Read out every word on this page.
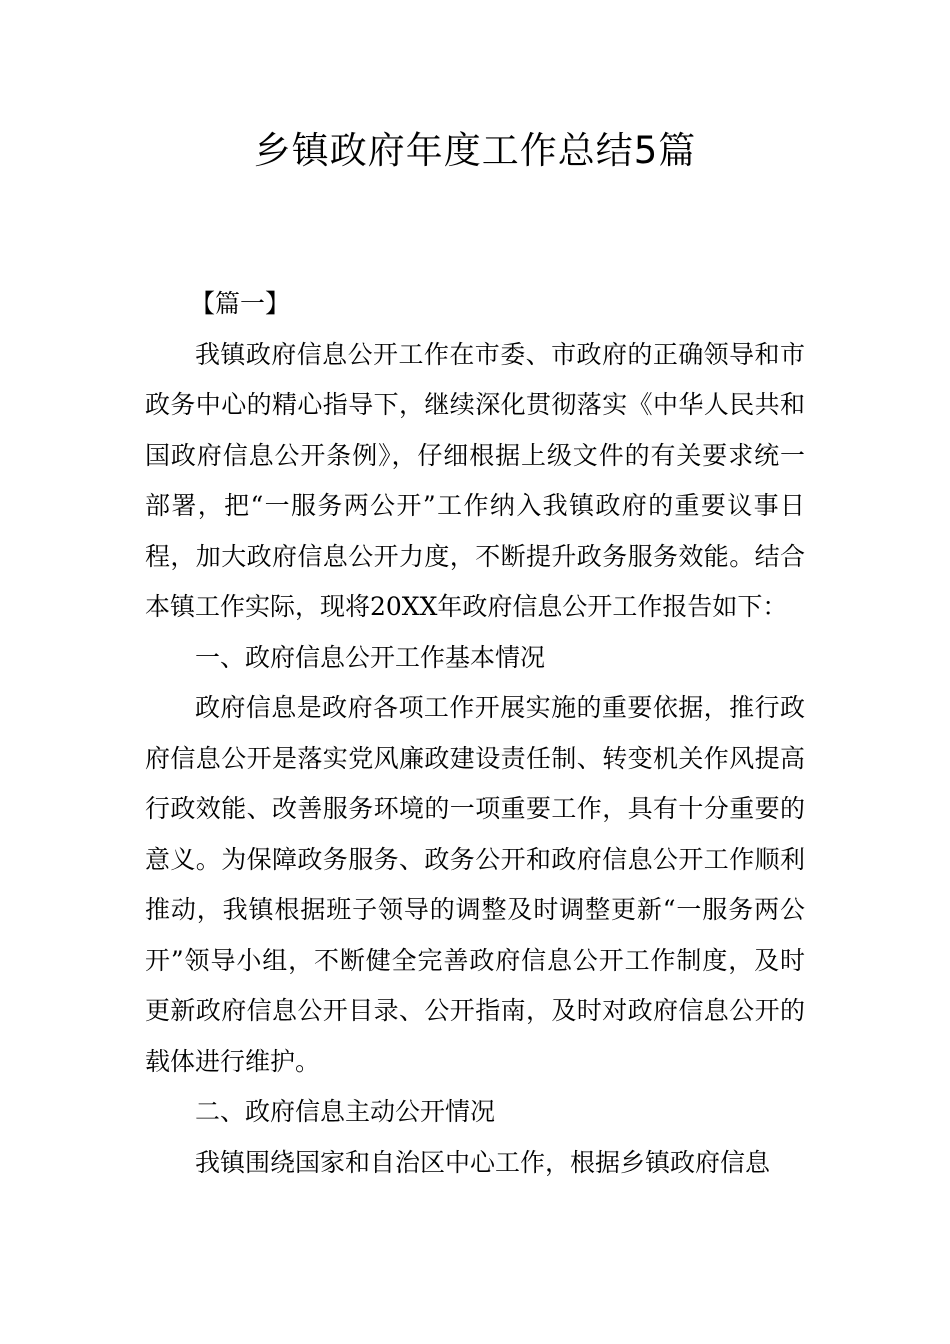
乡镇政府年度工作总结5篇

【篇一】

我镇政府信息公开工作在市委、市政府的正确领导和市政务中心的精心指导下，继续深化贯彻落实《中华人民共和国政府信息公开条例》，仔细根据上级文件的有关要求统一部署，把“一服务两公开”工作纳入我镇政府的重要议事日程，加大政府信息公开力度，不断提升政务服务效能。结合本镇工作实际，现将20XX年政府信息公开工作报告如下：

一、政府信息公开工作基本情况

政府信息是政府各项工作开展实施的重要依据，推行政府信息公开是落实党风廉政建设责任制、转变机关作风提高行政效能、改善服务环境的一项重要工作，具有十分重要的意义。为保障政务服务、政务公开和政府信息公开工作顺利推动，我镇根据班子领导的调整及时调整更新“一服务两公开”领导小组，不断健全完善政府信息公开工作制度，及时更新政府信息公开目录、公开指南，及时对政府信息公开的载体进行维护。

二、政府信息主动公开情况

我镇围绕国家和自治区中心工作，根据乡镇政府信息
